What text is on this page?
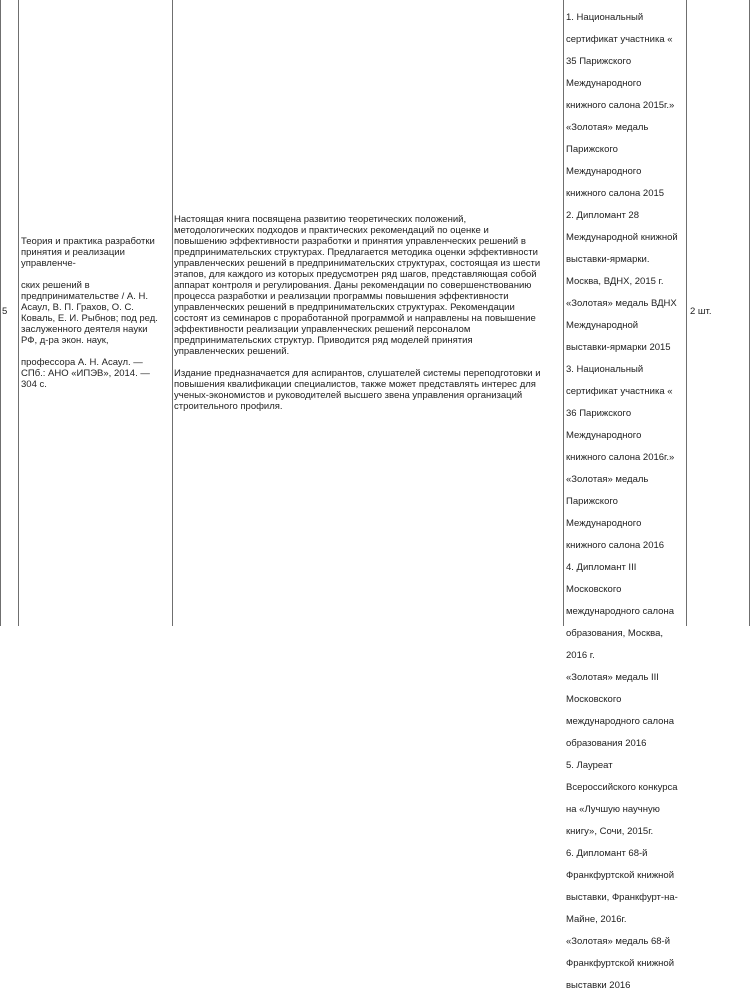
5

Теория и практика разработки

принятия и реализации

управленче-

ских решений в

предпринимательстве / А. Н.

Асаул, В. П. Грахов, О. С.

Коваль, Е. И. Рыбнов; под ред.

заслуженного деятеля науки

РФ, д-ра экон. наук,

профессора А. Н. Асаул. —

СПб.: АНО «ИПЭВ», 2014. —

304 с.

Настоящая книга посвящена развитию теоретических положений,

методологических подходов и практических рекомендаций по оценке и

повышению эффективности разработки и принятия управленческих решений в

предпринимательских структурах. Предлагается методика оценки эффективности

управленческих решений в предпринимательских структурах, состоящая из шести

этапов, для каждого из которых предусмотрен ряд шагов, представляющая собой

аппарат контроля и регулирования. Даны рекомендации по совершенствованию

процесса разработки и реализации программы повышения эффективности

управленческих решений в предпринимательских структурах. Рекомендации

состоят из семинаров с проработанной программой и направлены на повышение

эффективности реализации управленческих решений персоналом

предпринимательских структур. Приводится ряд моделей принятия

управленческих решений.

Издание предназначается для аспирантов, слушателей системы переподготовки и

повышения квалификации специалистов, также может представлять интерес для

ученых-экономистов и руководителей высшего звена управления организаций

строительного профиля.

1. Национальный

сертификат участника «

35 Парижского

Международного

книжного салона 2015г.»

«Золотая» медаль

Парижского

Международного

книжного салона 2015

2. Дипломант 28

Международной книжной

выставки-ярмарки.

Москва, ВДНХ, 2015 г.

«Золотая» медаль ВДНХ

Международной

выставки-ярмарки 2015

3. Национальный

сертификат участника «

36 Парижского

Международного

книжного салона 2016г.»

«Золотая» медаль

Парижского

Международного

книжного салона 2016

4. Дипломант III

Московского

международного салона

образования, Москва,

2016 г.

«Золотая» медаль III

Московского

международного салона

образования 2016

5. Лауреат

Всероссийского конкурса

на «Лучшую научную

книгу», Сочи, 2015г.

6. Дипломант 68-й

Франкфуртской книжной

выставки, Франкфурт-на-

Майне, 2016г.

«Золотая» медаль 68-й

Франкфуртской книжной

выставки 2016

2 шт.
